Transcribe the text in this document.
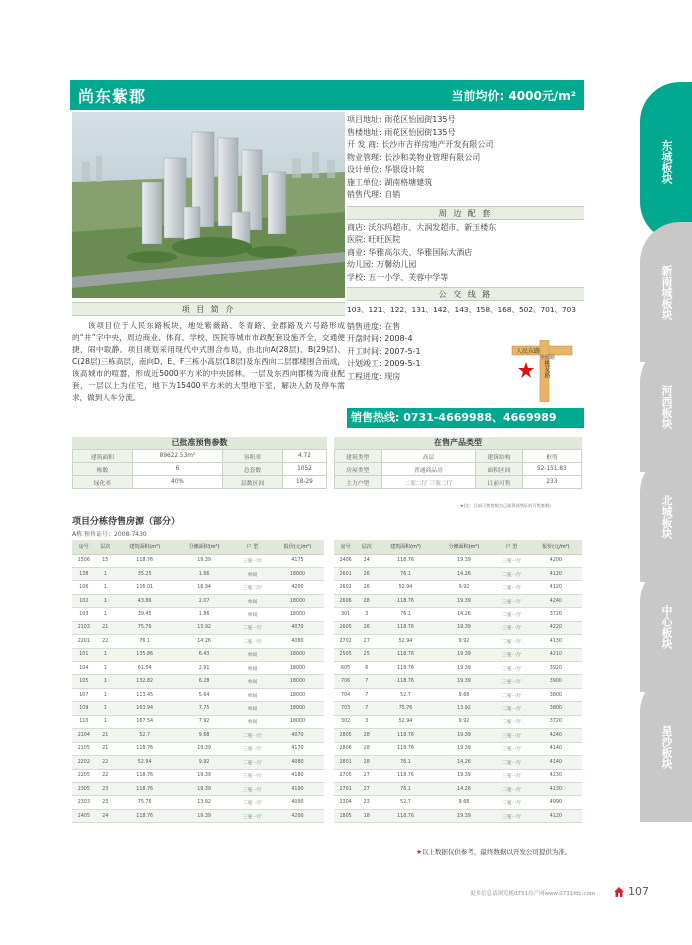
尚东紫郡	当前均价: 4000元/m²
项目地址: 雨花区怡园街135号
售楼地址: 雨花区怡园街135号
开 发 商: 长沙市吉祥房地产开发有限公司
物业管理: 长沙和美物业管理有限公司
设计单位: 华银设计院
施工单位: 湖南格塘建筑
销售代理: 自销
周 边 配 套
商店: 沃尔玛超市、大润发超市、新玉楼东
医院: 旺旺医院
商业: 华雅高尔夫、华雅国际大酒店
幼儿园: 万馨幼儿园
学校: 五一小学、芙蓉中学等
公 交 线 路
103、121、122、131、142、143、158、168、502、701、703
销售进度: 在售
开盘时间: 2008-4
开工时间: 2007-5-1
计划竣工: 2009-5-1
工程进度: 现房
人民东路
桃花路
全园路
销售热线: 0731-4669988、4669989
项 目 简 介
该项目位于人民东路板块，地处紫薇路、冬青路、金郡路及六号路形成的“井”字中央，周边商业、体育、学校、医院等城市市政配套设施齐全，交通便捷，闹中取静。项目规划采用现代中式围合布局，由北向A(28层)、B(29层)、C(28层)三栋高层，南向D、E、F三栋小高层(18层)及东西向二层郡楼围合而成，该高城市的喧嚣，形成近5000平方米的中央园林。一层及东西向郡楼为商业配套，一层以上为住宅，地下为15400平方米的大型地下室，解决人防及停车需求，做到人车分流。
已批准预售参数
建筑面积	89622.53m²	容积率	4.72
栋数	6	总套数	1052
绿化率	40%	层数区间	18-29
在售产品类型
建筑类型	高层	建筑结构	框剪
房屋类型	普通商品房	面积区间	52-151.83
主力户型	二室二厅 三室二厅	目前可售	233
★(注：目前可售套数为已取得预售证的可售套数)
项目分栋待售房源（部分）
A栋 预售证号：2008-7430
房号	层次	建筑面积(m²)	分摊面积(m²)	户 型	报价(元/m²)
1506	15	118.76	19.39	三室一厅	4175
138	1	35.25	1.66	单间	18000
106	1	116.01	18.94	三室二厅	4200
102	1	43.86	2.07	单间	18000
103	1	39.45	1.86	单间	18000
2103	21	75.76	13.92	二室一厅	4070
2201	22	76.1	14.26	二室一厅	4080
101	1	135.86	6.43	单间	18000
104	1	61.54	2.91	单间	18000
105	1	132.82	6.28	单间	18000
107	1	113.45	5.64	单间	18000
109	1	163.94	7.75	单间	18000
110	1	167.54	7.92	单间	18000
2104	21	52.7	9.68	二室一厅	4070
2105	21	118.76	19.39	三室一厅	4170
2202	22	52.94	9.92	二室一厅	4080
2205	22	118.76	19.39	三室一厅	4180
2305	23	118.76	19.39	三室一厅	4190
2303	23	75.76	13.92	二室一厅	4090
2405	24	118.76	19.39	三室一厅	4200
房号	层次	建筑面积(m²)	分摊面积(m²)	户 型	报价(元/m²)
2406	24	118.76	19.39	三室一厅	4200
2601	26	76.1	14.26	二室一厅	4120
2602	26	52.94	9.92	二室一厅	4120
2606	28	118.76	19.39	三室一厅	4240
301	3	76.1	14.26	二室一厅	3720
2605	26	118.76	19.39	三室一厅	4220
2702	27	52.94	9.92	二室一厅	4130
2505	25	118.76	19.39	三室一厅	4210
605	6	118.76	19.39	三室一厅	3920
706	7	118.76	19.39	三室一厅	3900
704	7	52.7	9.68	二室一厅	3800
703	7	75.76	13.92	二室一厅	3800
302	3	52.94	9.92	二室一厅	3720
2805	28	118.76	19.39	三室一厅	4240
2806	28	118.76	19.39	三室一厅	4140
2801	28	76.1	14.26	二室一厅	4140
2705	27	118.76	19.39	三室一厅	4230
2701	27	76.1	14.26	二室一厅	4130
2304	23	52.7	9.68	二室一厅	4090
1805	18	118.76	19.39	三室一厅	4120
★以上数据仅供参考，最终数据以开发公司提供为准。
更多信息请浏览栀0731房产网www.0731fdc.com	107
东城板块
新南城板块
河西板块
北城板块
中心板块
星沙板块
